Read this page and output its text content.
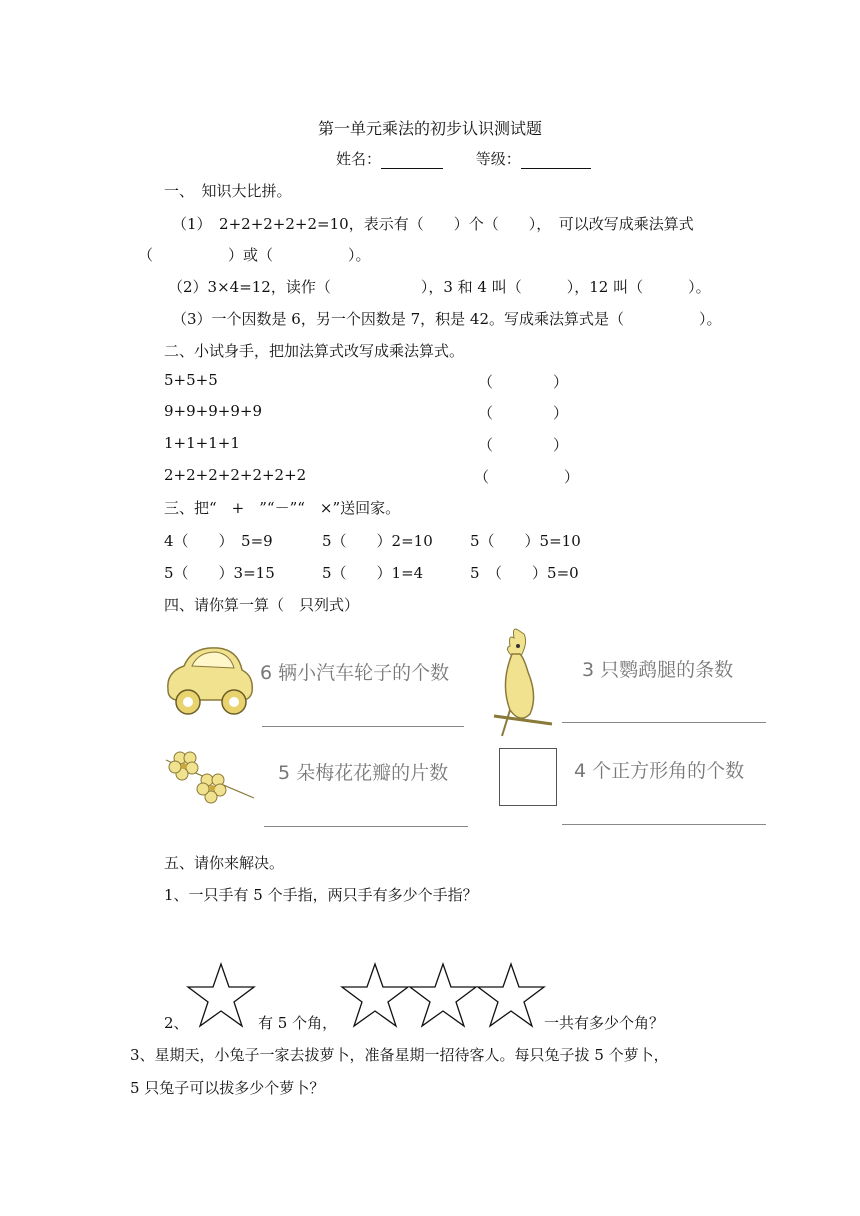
第一单元乘法的初步认识测试题
姓名：	等级：
一、　知识大比拼。
（1）　2+2+2+2+2=10，表示有（　　）个（　　），　可以改写成乘法算式
（　　　　　）或（　　　　　）。
（2）3×4=12，读作（　　　　　　），3 和 4 叫（　　　），12 叫（　　　）。
（3）一个因数是 6，另一个因数是 7，积是 42。写成乘法算式是（　　　　　）。
二、小试身手，把加法算式改写成乘法算式。
5+5+5	（　　　　）
9+9+9+9+9	（　　　　）
1+1+1+1	（　　　　）
2+2+2+2+2+2+2	（　　　　　）
三、把“　+　”“－”“　×”送回家。
4（　　）　5=9	5（　　）2=10 5（　　）5=10
5（　　）3=15	5（　　）1=4	5　（　　）5=0
四、请你算一算（　只列式）
6 辆小汽车轮子的个数	3 只鹦鹉腿的条数
5 朵梅花花瓣的片数	4 个正方形角的个数
五、请你来解决。
1、一只手有 5 个手指，两只手有多少个手指？
2、	有 5 个角，	一共有多少个角？
3、星期天，小兔子一家去拔萝卜，准备星期一招待客人。每只兔子拔 5 个萝卜，
5 只兔子可以拔多少个萝卜？
